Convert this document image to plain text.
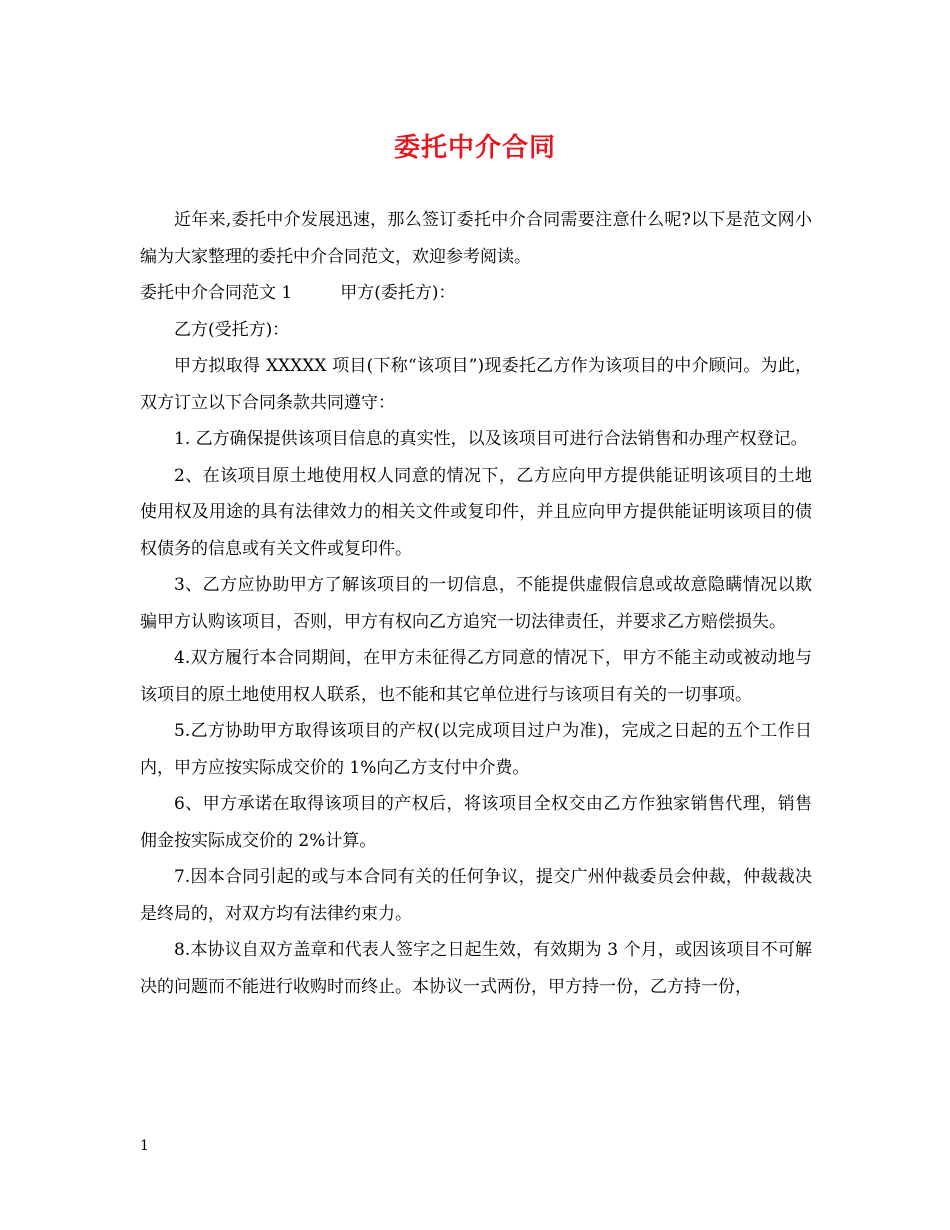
委托中介合同

近年来,委托中介发展迅速，那么签订委托中介合同需要注意什么呢?以下是范文网小编为大家整理的委托中介合同范文，欢迎参考阅读。

委托中介合同范文 1	甲方(委托方)：

乙方(受托方)：

甲方拟取得 XXXXX 项目(下称“该项目”)现委托乙方作为该项目的中介顾问。为此，双方订立以下合同条款共同遵守：

1. 乙方确保提供该项目信息的真实性，以及该项目可进行合法销售和办理产权登记。

2、在该项目原土地使用权人同意的情况下，乙方应向甲方提供能证明该项目的土地使用权及用途的具有法律效力的相关文件或复印件，并且应向甲方提供能证明该项目的债权债务的信息或有关文件或复印件。

3、乙方应协助甲方了解该项目的一切信息，不能提供虚假信息或故意隐瞒情况以欺骗甲方认购该项目，否则，甲方有权向乙方追究一切法律责任，并要求乙方赔偿损失。

4.双方履行本合同期间，在甲方未征得乙方同意的情况下，甲方不能主动或被动地与该项目的原土地使用权人联系，也不能和其它单位进行与该项目有关的一切事项。

5.乙方协助甲方取得该项目的产权(以完成项目过户为准)，完成之日起的五个工作日内，甲方应按实际成交价的 1%向乙方支付中介费。

6、甲方承诺在取得该项目的产权后，将该项目全权交由乙方作独家销售代理，销售佣金按实际成交价的 2%计算。

7.因本合同引起的或与本合同有关的任何争议，提交广州仲裁委员会仲裁，仲裁裁决是终局的，对双方均有法律约束力。

8.本协议自双方盖章和代表人签字之日起生效，有效期为 3 个月，或因该项目不可解决的问题而不能进行收购时而终止。本协议一式两份，甲方持一份，乙方持一份，

1
